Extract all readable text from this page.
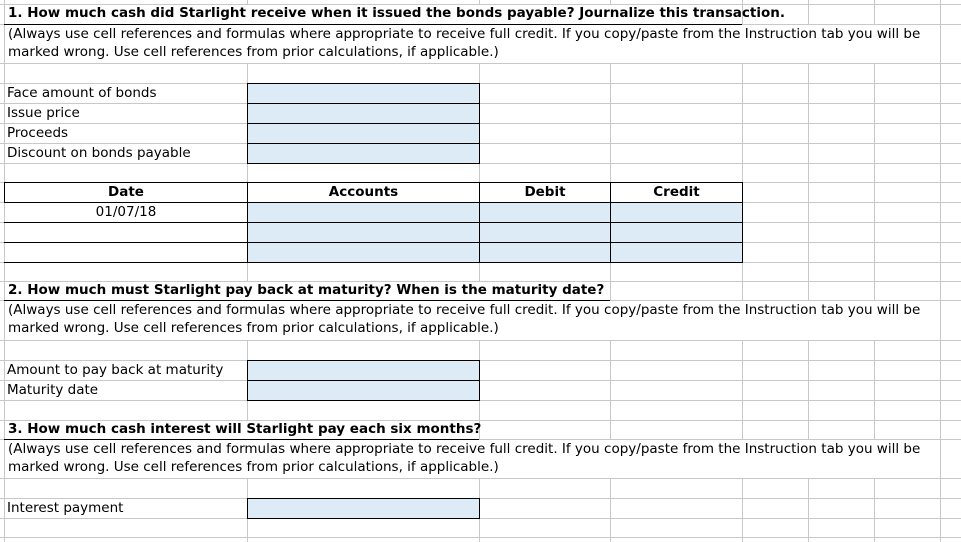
1. How much cash did Starlight receive when it issued the bonds payable? Journalize this transaction.
(Always use cell references and formulas where appropriate to receive full credit. If you copy/paste from the Instruction tab you will be marked wrong. Use cell references from prior calculations, if applicable.)
Face amount of bonds
Issue price
Proceeds
Discount on bonds payable
Date	Accounts	Debit	Credit
01/07/18
2. How much must Starlight pay back at maturity? When is the maturity date?
(Always use cell references and formulas where appropriate to receive full credit. If you copy/paste from the Instruction tab you will be marked wrong. Use cell references from prior calculations, if applicable.)
Amount to pay back at maturity
Maturity date
3. How much cash interest will Starlight pay each six months?
(Always use cell references and formulas where appropriate to receive full credit. If you copy/paste from the Instruction tab you will be marked wrong. Use cell references from prior calculations, if applicable.)
Interest payment
